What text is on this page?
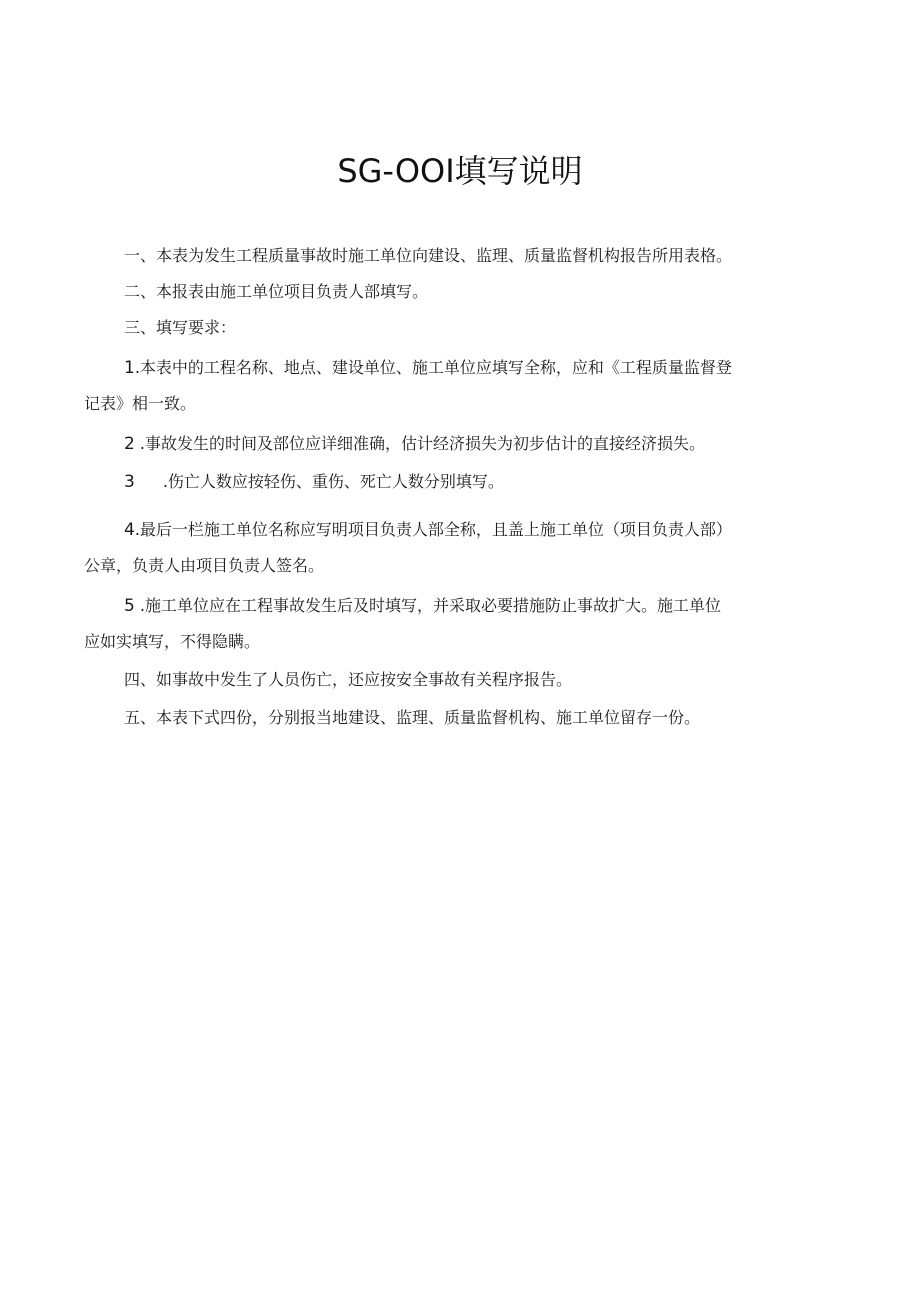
SG-OOI填写说明
一、本表为发生工程质量事故时施工单位向建设、监理、质量监督机构报告所用表格。
二、本报表由施工单位项目负责人部填写。
三、填写要求：
1.本表中的工程名称、地点、建设单位、施工单位应填写全称，应和《工程质量监督登
记表》相一致。
2 .事故发生的时间及部位应详细准确，估计经济损失为初步估计的直接经济损失。
3 .伤亡人数应按轻伤、重伤、死亡人数分别填写。
4.最后一栏施工单位名称应写明项目负责人部全称，且盖上施工单位（项目负责人部）
公章，负责人由项目负责人签名。
5 .施工单位应在工程事故发生后及时填写，并采取必要措施防止事故扩大。施工单位
应如实填写，不得隐瞒。
四、如事故中发生了人员伤亡，还应按安全事故有关程序报告。
五、本表下式四份，分别报当地建设、监理、质量监督机构、施工单位留存一份。
